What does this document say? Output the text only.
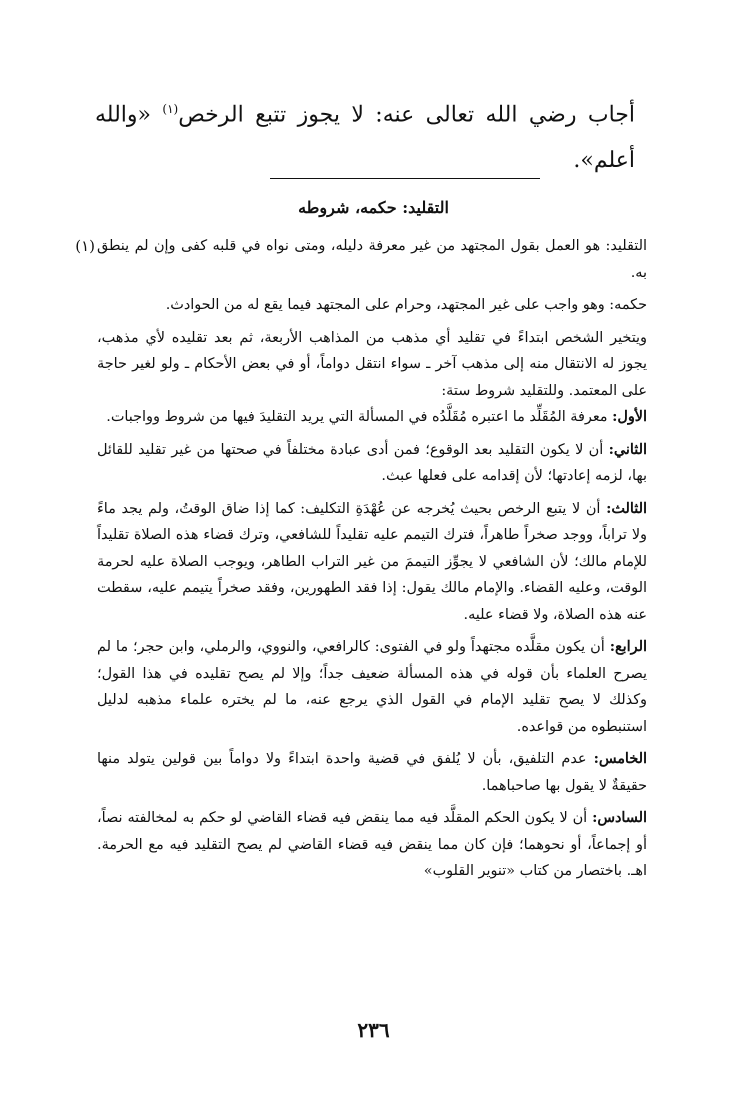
أجاب رضي الله تعالى عنه: لا يجوز تتبع الرخص$^{(١)}$ «والله أعلم».

التقليد: حكمه، شروطه
(١) التقليد: هو العمل بقول المجتهد من غير معرفة دليله، ومتى نواه في قلبه كفى وإن لم ينطق به.

حكمه: وهو واجب على غير المجتهد، وحرام على المجتهد فيما يقع له من الحوادث.

ويتخير الشخص ابتداءً في تقليد أي مذهب من المذاهب الأربعة، ثم بعد تقليده لأي مذهب، يجوز له الانتقال منه إلى مذهب آخر ـ سواء انتقل دواماً، أو في بعض الأحكام ـ ولو لغير حاجة على المعتمد. وللتقليد شروط ستة:

الأول: معرفة المُقَلِّد ما اعتبره مُقَلَّدُه في المسألة التي يريد التقليدَ فيها من شروط وواجبات.

الثاني: أن لا يكون التقليد بعد الوقوع؛ فمن أدى عبادة مختلفاً في صحتها من غير تقليد للقائل بها، لزمه إعادتها؛ لأن إقدامه على فعلها عبث.

الثالث: أن لا يتبع الرخص بحيث يُخرجه عن عُهْدَةِ التكليف: كما إذا ضاق الوقتُ، ولم يجد ماءً ولا تراباً، ووجد صخراً طاهراً، فترك التيمم عليه تقليداً للشافعي، وترك قضاء هذه الصلاة تقليداً للإمام مالك؛ لأن الشافعي لا يجوِّز التيممَ من غير التراب الطاهر، ويوجب الصلاة عليه لحرمة الوقت، وعليه القضاء. والإمام مالك يقول: إذا فقد الطهورين، وفقد صخراً يتيمم عليه، سقطت عنه هذه الصلاة، ولا قضاء عليه.

الرابع: أن يكون مقلَّده مجتهداً ولو في الفتوى: كالرافعي، والنووي، والرملي، وابن حجر؛ ما لم يصرح العلماء بأن قوله في هذه المسألة ضعيف جداً؛ وإلا لم يصح تقليده في هذا القول؛ وكذلك لا يصح تقليد الإمام في القول الذي يرجع عنه، ما لم يختره علماء مذهبه لدليل استنبطوه من قواعده.

الخامس: عدم التلفيق، بأن لا يُلفق في قضية واحدة ابتداءً ولا دواماً بين قولين يتولد منها حقيقةٌ لا يقول بها صاحباهما.

السادس: أن لا يكون الحكم المقلَّد فيه مما ينقض فيه قضاء القاضي لو حكم به لمخالفته نصاً، أو إجماعاً، أو نحوهما؛ فإن كان مما ينقض فيه قضاء القاضي لم يصح التقليد فيه مع الحرمة. اهـ. باختصار من كتاب «تنوير القلوب»

٢٣٦
